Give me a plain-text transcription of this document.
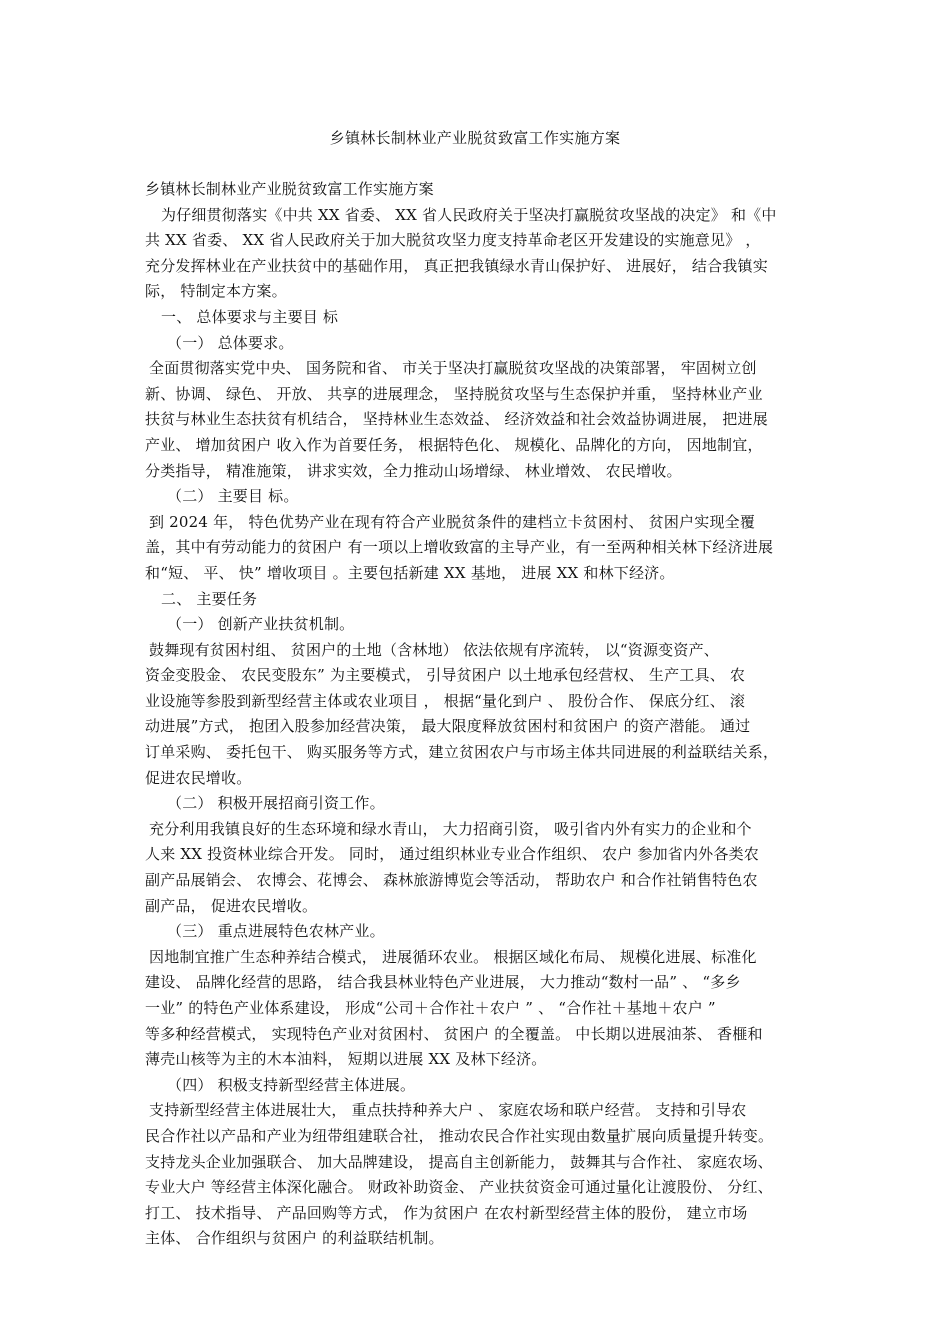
乡镇林长制林业产业脱贫致富工作实施方案
乡镇林长制林业产业脱贫致富工作实施方案
为仔细贯彻落实《中共 XX 省委、 XX 省人民政府关于坚决打赢脱贫攻坚战的决定》 和《中
共 XX 省委、 XX 省人民政府关于加大脱贫攻坚力度支持革命老区开发建设的实施意见》 ，
充分发挥林业在产业扶贫中的基础作用， 真正把我镇绿水青山保护好、 进展好， 结合我镇实
际， 特制定本方案。
一、 总体要求与主要目 标
（一） 总体要求。
全面贯彻落实党中央、 国务院和省、 市关于坚决打赢脱贫攻坚战的决策部署， 牢固树立创
新、协调、 绿色、 开放、 共享的进展理念， 坚持脱贫攻坚与生态保护并重， 坚持林业产业
扶贫与林业生态扶贫有机结合， 坚持林业生态效益、 经济效益和社会效益协调进展， 把进展
产业、 增加贫困户 收入作为首要任务， 根据特色化、 规模化、品牌化的方向， 因地制宜，
分类指导， 精准施策， 讲求实效，全力推动山场增绿、 林业增效、 农民增收。
（二） 主要目 标。
到 2024 年， 特色优势产业在现有符合产业脱贫条件的建档立卡贫困村、 贫困户实现全覆
盖，其中有劳动能力的贫困户 有一项以上增收致富的主导产业，有一至两种相关林下经济进展
和“短、 平、 快” 增收项目 。主要包括新建 XX 基地， 进展 XX 和林下经济。
二、 主要任务
（一） 创新产业扶贫机制。
鼓舞现有贫困村组、 贫困户的土地（含林地） 依法依规有序流转， 以“资源变资产、
资金变股金、 农民变股东” 为主要模式， 引导贫困户 以土地承包经营权、 生产工具、 农
业设施等参股到新型经营主体或农业项目 ， 根据“量化到户 、 股份合作、 保底分红、 滚
动进展”方式， 抱团入股参加经营决策， 最大限度释放贫困村和贫困户 的资产潜能。 通过
订单采购、 委托包干、 购买服务等方式，建立贫困农户与市场主体共同进展的利益联结关系，
促进农民增收。
（二） 积极开展招商引资工作。
充分利用我镇良好的生态环境和绿水青山， 大力招商引资， 吸引省内外有实力的企业和个
人来 XX 投资林业综合开发。 同时， 通过组织林业专业合作组织、 农户 参加省内外各类农
副产品展销会、 农博会、花博会、 森林旅游博览会等活动， 帮助农户 和合作社销售特色农
副产品， 促进农民增收。
（三） 重点进展特色农林产业。
因地制宜推广生态种养结合模式， 进展循环农业。 根据区域化布局、 规模化进展、标准化
建设、 品牌化经营的思路， 结合我县林业特色产业进展， 大力推动“数村一品” 、 “多乡
一业” 的特色产业体系建设， 形成“公司＋合作社＋农户 ” 、 “合作社＋基地＋农户 ”
等多种经营模式， 实现特色产业对贫困村、 贫困户 的全覆盖。 中长期以进展油茶、 香榧和
薄壳山核等为主的木本油料， 短期以进展 XX 及林下经济。
（四） 积极支持新型经营主体进展。
支持新型经营主体进展壮大， 重点扶持种养大户 、 家庭农场和联户经营。 支持和引导农
民合作社以产品和产业为纽带组建联合社， 推动农民合作社实现由数量扩展向质量提升转变。
支持龙头企业加强联合、 加大品牌建设， 提高自主创新能力， 鼓舞其与合作社、 家庭农场、
专业大户 等经营主体深化融合。 财政补助资金、 产业扶贫资金可通过量化让渡股份、 分红、
打工、 技术指导、 产品回购等方式， 作为贫困户 在农村新型经营主体的股份， 建立市场
主体、 合作组织与贫困户 的利益联结机制。
